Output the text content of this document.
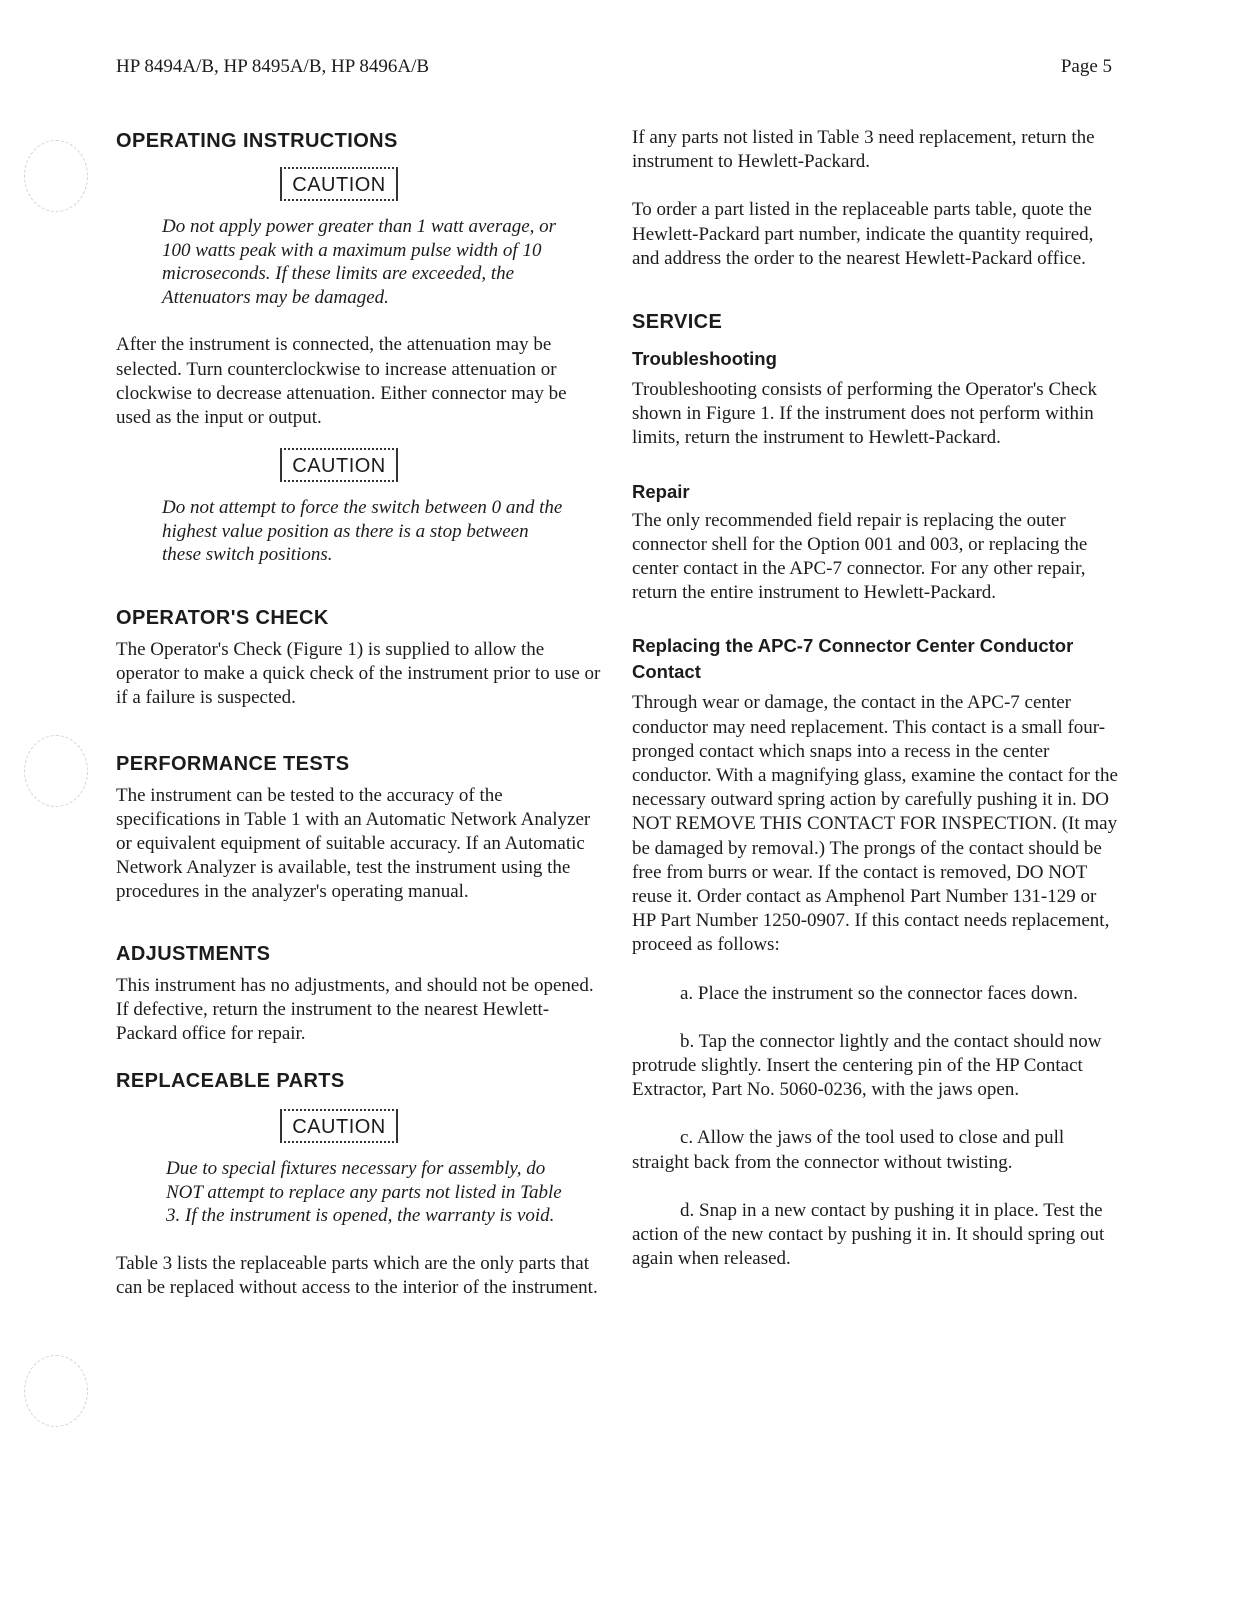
HP 8494A/B, HP 8495A/B, HP 8496A/B	Page 5
OPERATING INSTRUCTIONS
CAUTION

Do not apply power greater than 1 watt average, or 100 watts peak with a maximum pulse width of 10 microseconds. If these limits are exceeded, the Attenuators may be damaged.

After the instrument is connected, the attenuation may be selected. Turn counterclockwise to increase attenuation or clockwise to decrease attenuation. Either connector may be used as the input or output.

CAUTION

Do not attempt to force the switch between 0 and the highest value position as there is a stop between these switch positions.

OPERATOR'S CHECK

The Operator's Check (Figure 1) is supplied to allow the operator to make a quick check of the instrument prior to use or if a failure is suspected.

PERFORMANCE TESTS

The instrument can be tested to the accuracy of the specifications in Table 1 with an Automatic Network Analyzer or equivalent equipment of suitable accuracy. If an Automatic Network Analyzer is available, test the instrument using the procedures in the analyzer's operating manual.

ADJUSTMENTS

This instrument has no adjustments, and should not be opened. If defective, return the instrument to the nearest Hewlett-Packard office for repair.

REPLACEABLE PARTS
CAUTION

Due to special fixtures necessary for assembly, do NOT attempt to replace any parts not listed in Table 3. If the instrument is opened, the warranty is void.

Table 3 lists the replaceable parts which are the only parts that can be replaced without access to the interior of the instrument.

If any parts not listed in Table 3 need replacement, return the instrument to Hewlett-Packard.

To order a part listed in the replaceable parts table, quote the Hewlett-Packard part number, indicate the quantity required, and address the order to the nearest Hewlett-Packard office.

SERVICE
Troubleshooting

Troubleshooting consists of performing the Operator's Check shown in Figure 1. If the instrument does not perform within limits, return the instrument to Hewlett-Packard.

Repair

The only recommended field repair is replacing the outer connector shell for the Option 001 and 003, or replacing the center contact in the APC-7 connector. For any other repair, return the entire instrument to Hewlett-Packard.

Replacing the APC-7 Connector Center Conductor Contact

Through wear or damage, the contact in the APC-7 center conductor may need replacement. This contact is a small four-pronged contact which snaps into a recess in the center conductor. With a magnifying glass, examine the contact for the necessary outward spring action by carefully pushing it in. DO NOT REMOVE THIS CONTACT FOR INSPECTION. (It may be damaged by removal.) The prongs of the contact should be free from burrs or wear. If the contact is removed, DO NOT reuse it. Order contact as Amphenol Part Number 131-129 or HP Part Number 1250-0907. If this contact needs replacement, proceed as follows:

a. Place the instrument so the connector faces down.

b. Tap the connector lightly and the contact should now protrude slightly. Insert the centering pin of the HP Contact Extractor, Part No. 5060-0236, with the jaws open.

c. Allow the jaws of the tool used to close and pull straight back from the connector without twisting.

d. Snap in a new contact by pushing it in place. Test the action of the new contact by pushing it in. It should spring out again when released.
